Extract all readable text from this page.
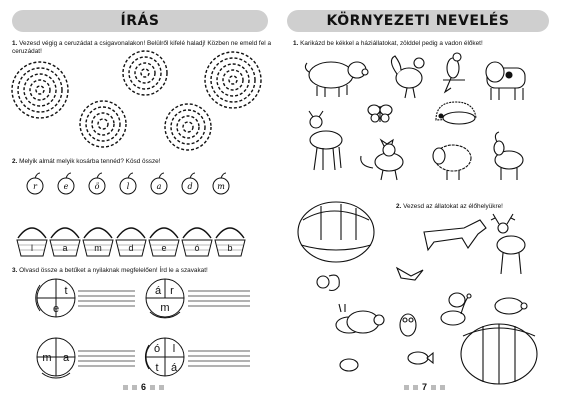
ÍRÁS
1. Vezesd végig a ceruzádat a csigavonalakon! Belülről kifelé haladj! Közben ne emeld fel a ceruzádat!
r	e	ö	l	a	d	m
l	a	m	d	e	ó	b
t
e
á r
m
m a
ó l
t á
2. Melyik almát melyik kosárba tennéd? Kösd össze!
3. Olvasd össze a betűket a nyilaknak megfelelően! Írd le a szavakat!
6
KÖRNYEZETI NEVELÉS
1. Karikázd be kékkel a háziállatokat, zölddel pedig a vadon élőket!
2. Vezesd az állatokat az élőhelyükre!
7
